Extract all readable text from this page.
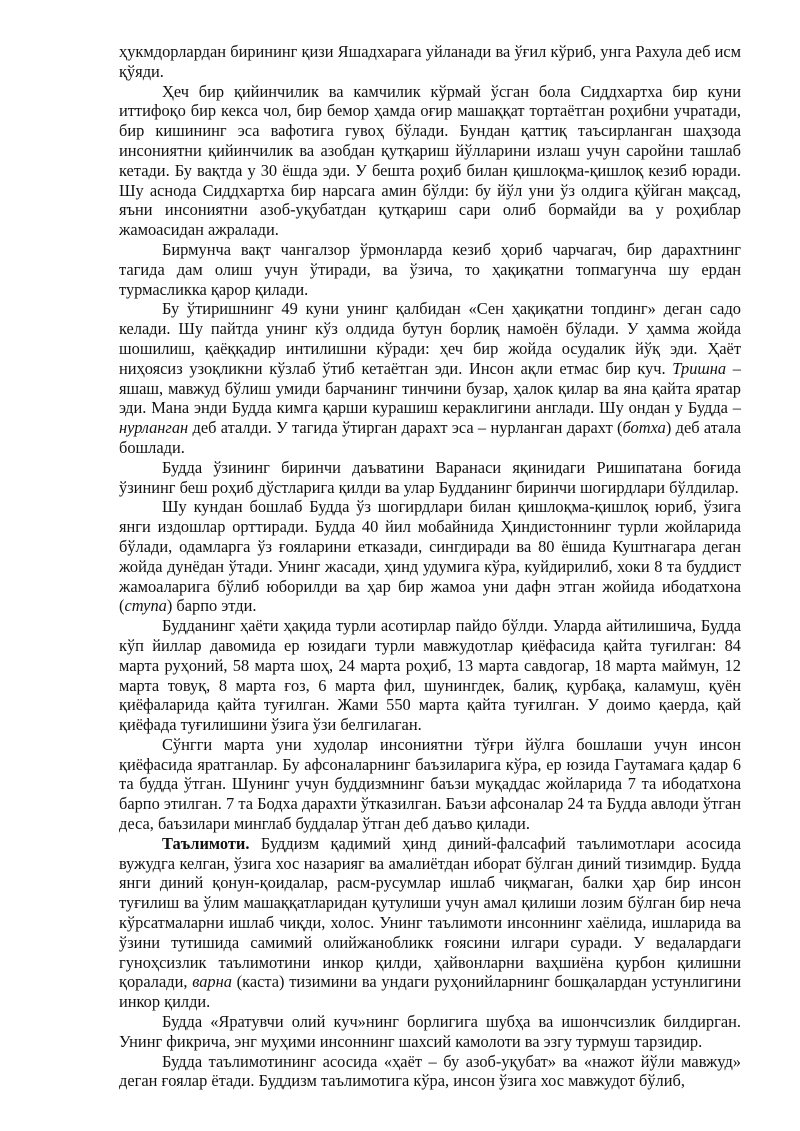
ҳукмдорлардан бирининг қизи Яшадхарага уйланади ва ўғил кўриб, унга Рахула деб исм қўяди.

Ҳеч бир қийинчилик ва камчилик кўрмай ўсган бола Сиддхартха бир куни иттифоқо бир кекса чол, бир бемор ҳамда оғир машаққат тортаётган роҳибни учратади, бир кишининг эса вафотига гувоҳ бўлади. Бундан қаттиқ таъсирланган шаҳзода инсониятни қийинчилик ва азобдан қутқариш йўлларини излаш учун саройни ташлаб кетади. Бу вақтда у 30 ёшда эди. У бешта роҳиб билан қишлоқма-қишлоқ кезиб юради. Шу аснода Сиддхартха бир нарсага амин бўлди: бу йўл уни ўз олдига қўйган мақсад, яъни инсониятни азоб-уқубатдан қутқариш сари олиб бормайди ва у роҳиблар жамоасидан ажралади.

Бирмунча вақт чангалзор ўрмонларда кезиб ҳориб чарчагач, бир дарахтнинг тагида дам олиш учун ўтиради, ва ўзича, то ҳақиқатни топмагунча шу ердан турмасликка қарор қилади.

Бу ўтиришнинг 49 куни унинг қалбидан «Сен ҳақиқатни топдинг» деган садо келади. Шу пайтда унинг кўз олдида бутун борлиқ намоён бўлади. У ҳамма жойда шошилиш, қаёққадир интилишни кўради: ҳеч бир жойда осудалик йўқ эди. Ҳаёт ниҳоясиз узоқликни кўзлаб ўтиб кетаётган эди. Инсон ақли етмас бир куч. Тришна – яшаш, мавжуд бўлиш умиди барчанинг тинчини бузар, ҳалок қилар ва яна қайта яратар эди. Мана энди Будда кимга қарши курашиш кераклигини англади. Шу ондан у Будда – нурланган деб аталди. У тагида ўтирган дарахт эса – нурланган дарахт (ботха) деб атала бошлади.

Будда ўзининг биринчи даъватини Варанаси яқинидаги Ришипатана боғида ўзининг беш роҳиб дўстларига қилди ва улар Будданинг биринчи шогирдлари бўлдилар.

Шу кундан бошлаб Будда ўз шогирдлари билан қишлоқма-қишлоқ юриб, ўзига янги издошлар орттиради. Будда 40 йил мобайнида Ҳиндистоннинг турли жойларида бўлади, одамларга ўз ғояларини етказади, сингдиради ва 80 ёшида Куштнагара деган жойда дунёдан ўтади. Унинг жасади, ҳинд удумига кўра, куйдирилиб, хоки 8 та буддист жамоаларига бўлиб юборилди ва ҳар бир жамоа уни дафн этган жойида ибодатхона (ступа) барпо этди.

Будданинг ҳаёти ҳақида турли асотирлар пайдо бўлди. Уларда айтилишича, Будда кўп йиллар давомида ер юзидаги турли мавжудотлар қиёфасида қайта туғилган: 84 марта руҳоний, 58 марта шоҳ, 24 марта роҳиб, 13 марта савдогар, 18 марта маймун, 12 марта товуқ, 8 марта ғоз, 6 марта фил, шунингдек, балиқ, қурбақа, каламуш, қуён қиёфаларида қайта туғилган. Жами 550 марта қайта туғилган. У доимо қаерда, қай қиёфада туғилишини ўзига ўзи белгилаган.

Сўнгги марта уни худолар инсониятни тўғри йўлга бошлаши учун инсон қиёфасида яратганлар. Бу афсоналарнинг баъзиларига кўра, ер юзида Гаутамага қадар 6 та будда ўтган. Шунинг учун буддизмнинг баъзи муқаддас жойларида 7 та ибодатхона барпо этилган. 7 та Бодха дарахти ўтказилган. Баъзи афсоналар 24 та Будда авлоди ўтган деса, баъзилари минглаб буддалар ўтган деб даъво қилади.

Таълимоти. Буддизм қадимий ҳинд диний-фалсафий таълимотлари асосида вужудга келган, ўзига хос назарияг ва амалиётдан иборат бўлган диний тизимдир. Будда янги диний қонун-қоидалар, расм-русумлар ишлаб чиқмаган, балки ҳар бир инсон туғилиш ва ўлим машаққатларидан қутулиши учун амал қилиши лозим бўлган бир неча кўрсатмаларни ишлаб чиқди, холос. Унинг таълимоти инсоннинг хаёлида, ишларида ва ўзини тутишида самимий олийжанобликк ғоясини илгари суради. У ведалардаги гуноҳсизлик таълимотини инкор қилди, ҳайвонларни ваҳшиёна қурбон қилишни қоралади, варна (каста) тизимини ва ундаги руҳонийларнинг бошқалардан устунлигини инкор қилди.

Будда «Яратувчи олий куч»нинг борлигига шубҳа ва ишончсизлик билдирган. Унинг фикрича, энг муҳими инсоннинг шахсий камолоти ва эзгу турмуш тарзидир.

Будда таълимотининг асосида «ҳаёт – бу азоб-уқубат» ва «нажот йўли мавжуд» деган ғоялар ётади. Буддизм таълимотига кўра, инсон ўзига хос мавжудот бўлиб,
